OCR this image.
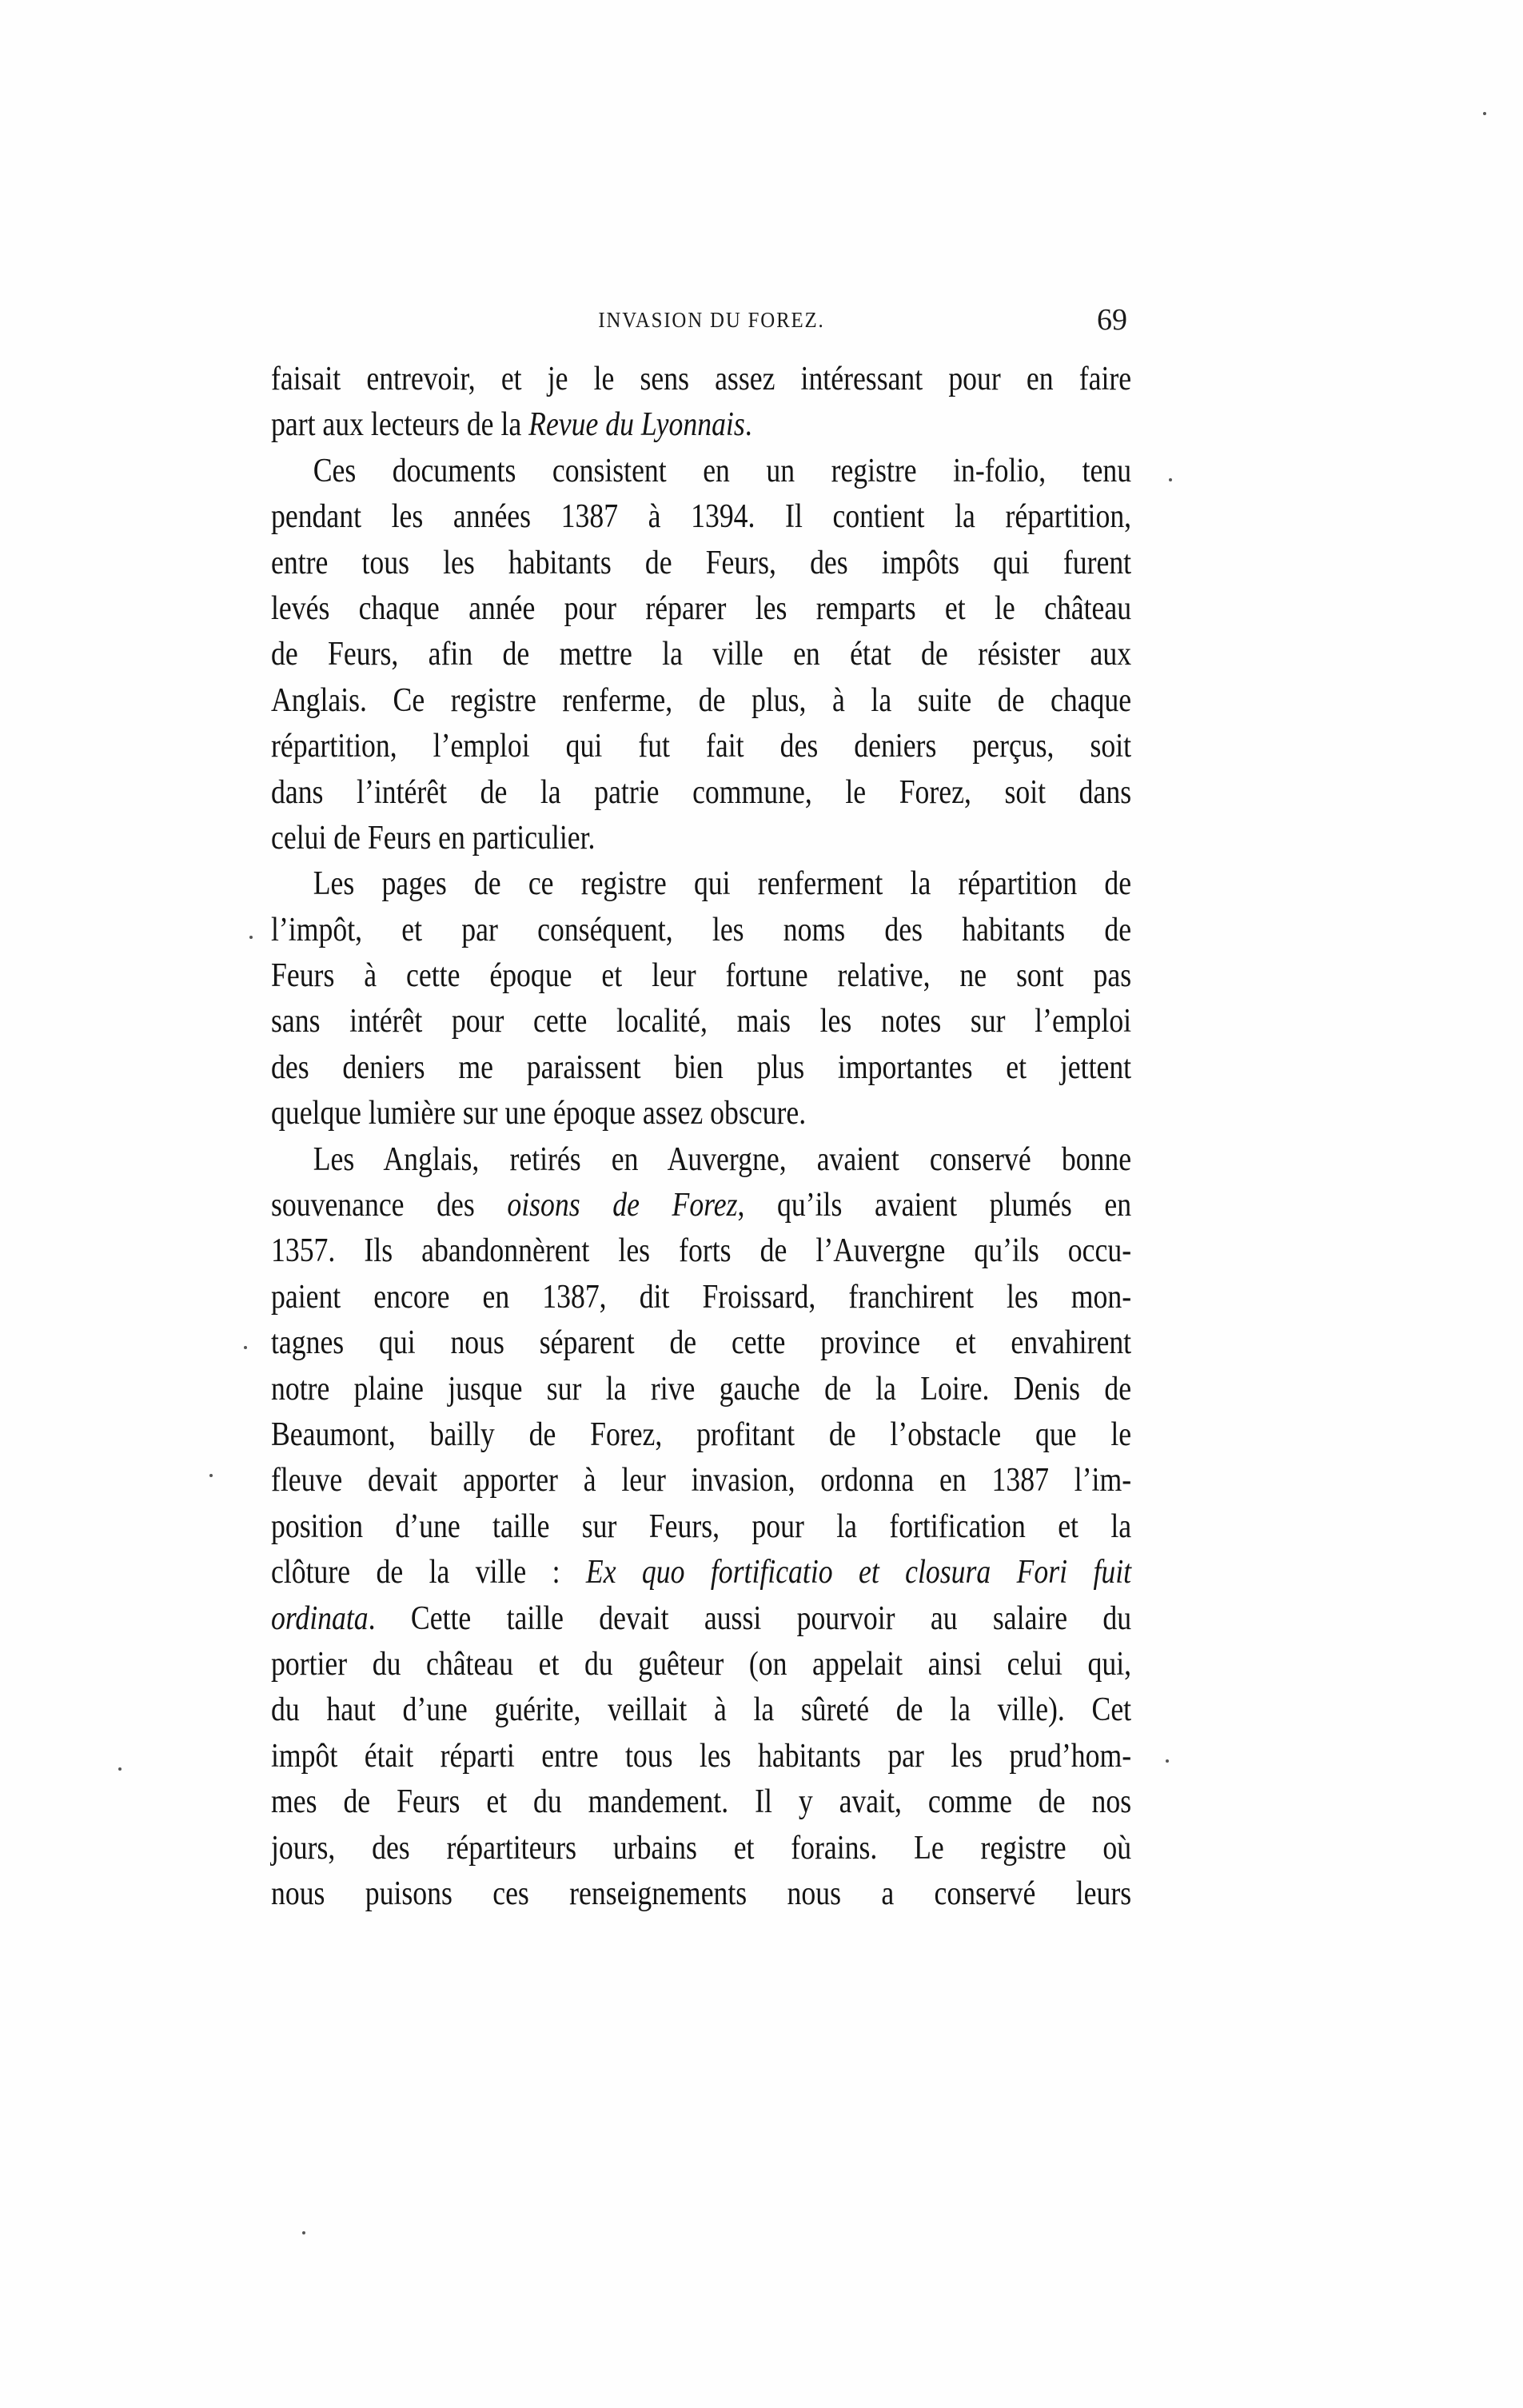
INVASION DU FOREZ.	69
faisait entrevoir, et je le sens assez intéressant pour en faire
part aux lecteurs de la Revue du Lyonnais.
Ces documents consistent en un registre in-folio, tenu
pendant les années 1387 à 1394. Il contient la répartition,
entre tous les habitants de Feurs, des impôts qui furent
levés chaque année pour réparer les remparts et le château
de Feurs, afin de mettre la ville en état de résister aux
Anglais. Ce registre renferme, de plus, à la suite de chaque
répartition, l’emploi qui fut fait des deniers perçus, soit
dans l’intérêt de la patrie commune, le Forez, soit dans
celui de Feurs en particulier.
Les pages de ce registre qui renferment la répartition de
l’impôt, et par conséquent, les noms des habitants de
Feurs à cette époque et leur fortune relative, ne sont pas
sans intérêt pour cette localité, mais les notes sur l’emploi
des deniers me paraissent bien plus importantes et jettent
quelque lumière sur une époque assez obscure.
Les Anglais, retirés en Auvergne, avaient conservé bonne
souvenance des oisons de Forez, qu’ils avaient plumés en
1357. Ils abandonnèrent les forts de l’Auvergne qu’ils occu-
paient encore en 1387, dit Froissard, franchirent les mon-
tagnes qui nous séparent de cette province et envahirent
notre plaine jusque sur la rive gauche de la Loire. Denis de
Beaumont, bailly de Forez, profitant de l’obstacle que le
fleuve devait apporter à leur invasion, ordonna en 1387 l’im-
position d’une taille sur Feurs, pour la fortification et la
clôture de la ville : Ex quo fortificatio et closura Fori fuit
ordinata. Cette taille devait aussi pourvoir au salaire du
portier du château et du guêteur (on appelait ainsi celui qui,
du haut d’une guérite, veillait à la sûreté de la ville). Cet
impôt était réparti entre tous les habitants par les prud’hom-
mes de Feurs et du mandement. Il y avait, comme de nos
jours, des répartiteurs urbains et forains. Le registre où
nous puisons ces renseignements nous a conservé leurs
